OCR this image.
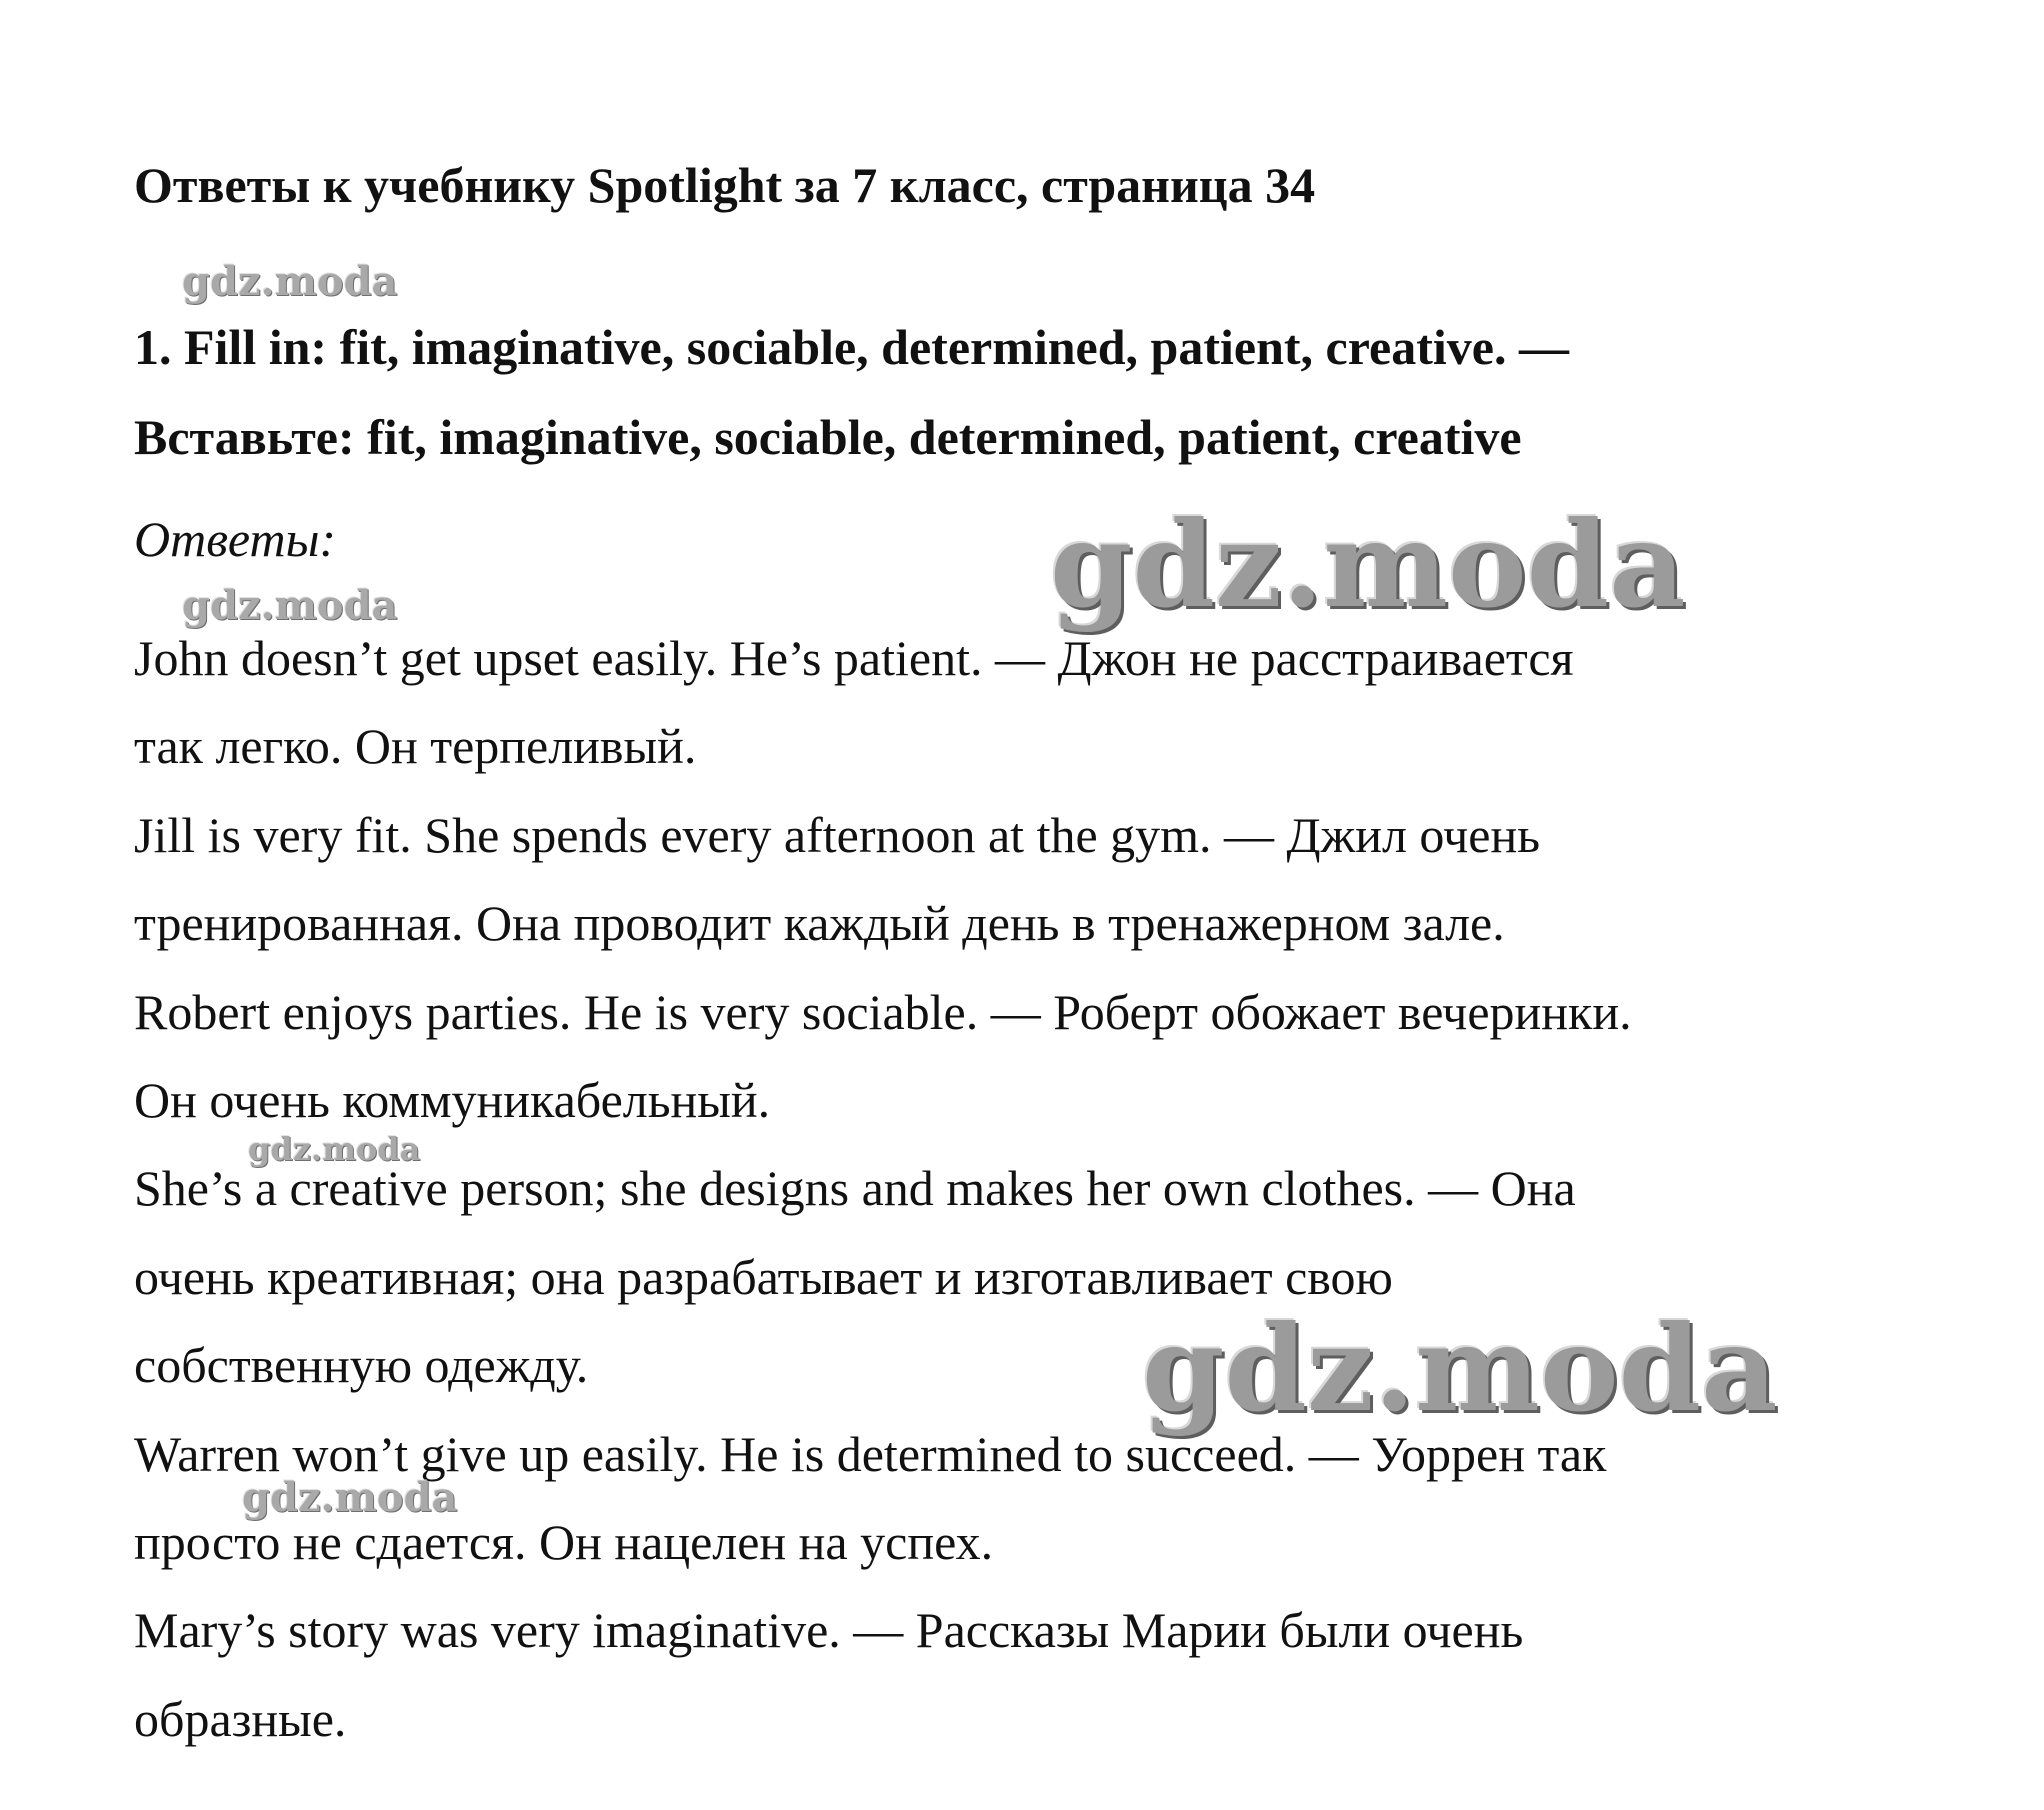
Ответы к учебнику Spotlight за 7 класс, страница 34
1. Fill in: fit, imaginative, sociable, determined, patient, creative. —
Вставьте: fit, imaginative, sociable, determined, patient, creative
Ответы:
John doesn’t get upset easily. He’s patient. — Джон не расстраивается
так легко. Он терпеливый.
Jill is very fit. She spends every afternoon at the gym. — Джил очень
тренированная. Она проводит каждый день в тренажерном зале.
Robert enjoys parties. He is very sociable. — Роберт обожает вечеринки.
Он очень коммуникабельный.
She’s a creative person; she designs and makes her own clothes. — Она
очень креативная; она разрабатывает и изготавливает свою
собственную одежду.
Warren won’t give up easily. He is determined to succeed. — Уоррен так
просто не сдается. Он нацелен на успех.
Mary’s story was very imaginative. — Рассказы Марии были очень
образные.
gdz.moda
gdz.moda	gdz.moda
gdz.moda
gdz.moda
gdz.moda
